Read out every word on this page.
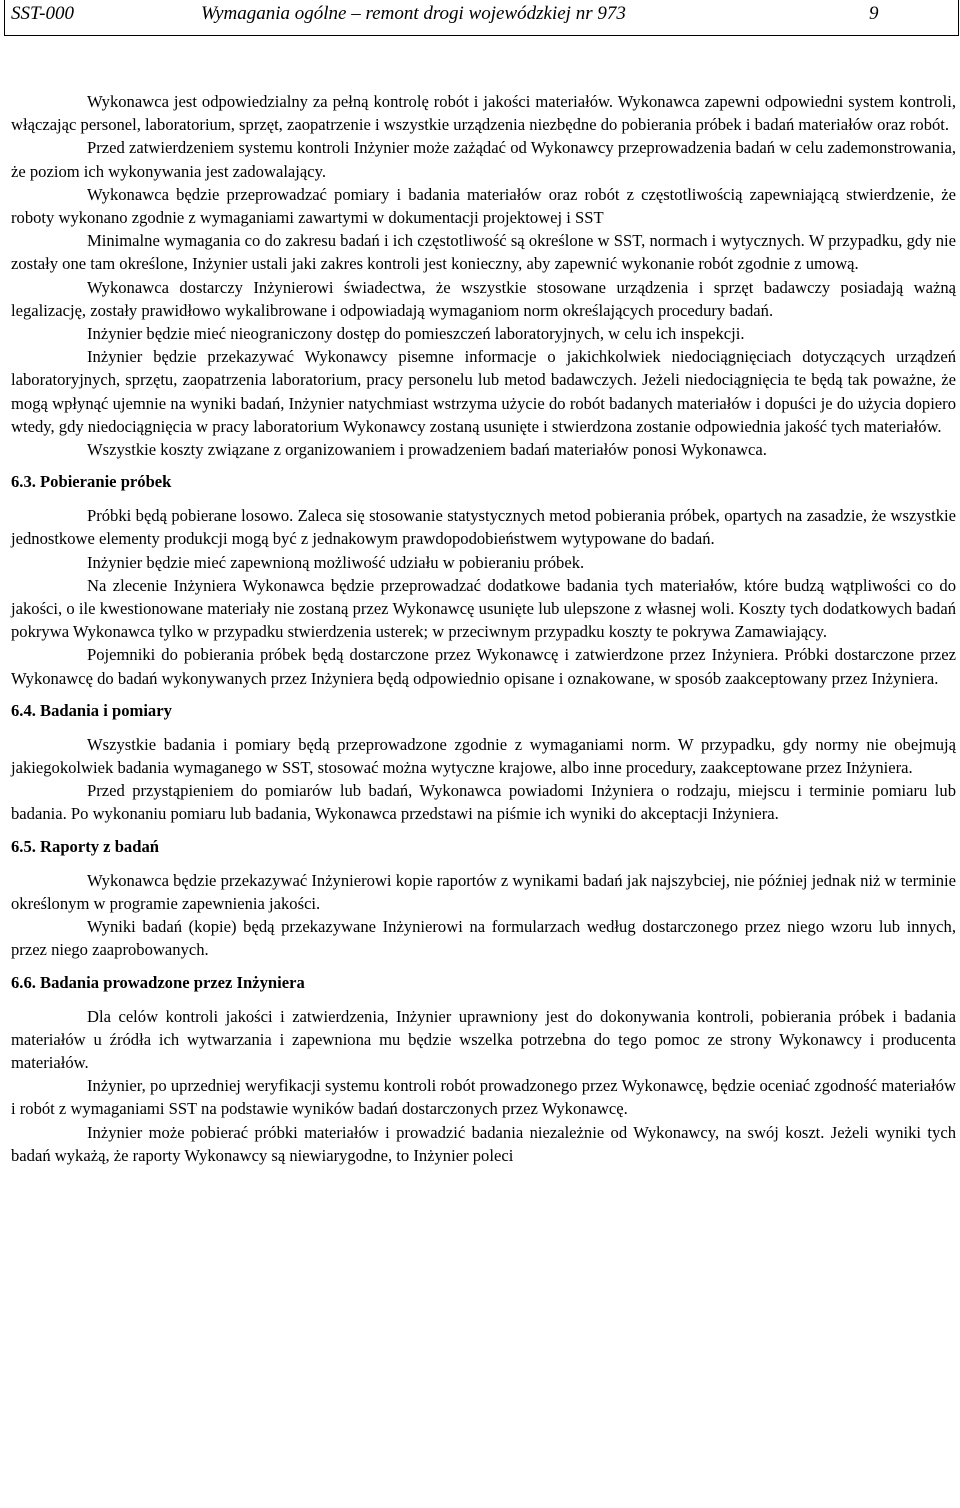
SST-000	Wymagania ogólne – remont drogi wojewódzkiej nr 973	9

Wykonawca jest odpowiedzialny za pełną kontrolę robót i jakości materiałów. Wykonawca zapewni odpowiedni system kontroli, włączając personel, laboratorium, sprzęt, zaopatrzenie i wszystkie urządzenia niezbędne do pobierania próbek i badań materiałów oraz robót.

Przed zatwierdzeniem systemu kontroli Inżynier może zażądać od Wykonawcy przeprowadzenia badań w celu zademonstrowania, że poziom ich wykonywania jest zadowalający.

Wykonawca będzie przeprowadzać pomiary i badania materiałów oraz robót z częstotliwością zapewniającą stwierdzenie, że roboty wykonano zgodnie z wymaganiami zawartymi w dokumentacji projektowej i SST

Minimalne wymagania co do zakresu badań i ich częstotliwość są określone w SST, normach i wytycznych. W przypadku, gdy nie zostały one tam określone, Inżynier ustali jaki zakres kontroli jest konieczny, aby zapewnić wykonanie robót zgodnie z umową.

Wykonawca dostarczy Inżynierowi świadectwa, że wszystkie stosowane urządzenia i sprzęt badawczy posiadają ważną legalizację, zostały prawidłowo wykalibrowane i odpowiadają wymaganiom norm określających procedury badań.

Inżynier będzie mieć nieograniczony dostęp do pomieszczeń laboratoryjnych, w celu ich inspekcji.

Inżynier będzie przekazywać Wykonawcy pisemne informacje o jakichkolwiek niedociągnięciach dotyczących urządzeń laboratoryjnych, sprzętu, zaopatrzenia laboratorium, pracy personelu lub metod badawczych. Jeżeli niedociągnięcia te będą tak poważne, że mogą wpłynąć ujemnie na wyniki badań, Inżynier natychmiast wstrzyma użycie do robót badanych materiałów i dopuści je do użycia dopiero wtedy, gdy niedociągnięcia w pracy laboratorium Wykonawcy zostaną usunięte i stwierdzona zostanie odpowiednia jakość tych materiałów.

Wszystkie koszty związane z organizowaniem i prowadzeniem badań materiałów ponosi Wykonawca.

6.3. Pobieranie próbek

Próbki będą pobierane losowo. Zaleca się stosowanie statystycznych metod pobierania próbek, opartych na zasadzie, że wszystkie jednostkowe elementy produkcji mogą być z jednakowym prawdopodobieństwem wytypowane do badań.

Inżynier będzie mieć zapewnioną możliwość udziału w pobieraniu próbek.

Na zlecenie Inżyniera Wykonawca będzie przeprowadzać dodatkowe badania tych materiałów, które budzą wątpliwości co do jakości, o ile kwestionowane materiały nie zostaną przez Wykonawcę usunięte lub ulepszone z własnej woli. Koszty tych dodatkowych badań pokrywa Wykonawca tylko w przypadku stwierdzenia usterek; w przeciwnym przypadku koszty te pokrywa Zamawiający.

Pojemniki do pobierania próbek będą dostarczone przez Wykonawcę i zatwierdzone przez Inżyniera. Próbki dostarczone przez Wykonawcę do badań wykonywanych przez Inżyniera będą odpowiednio opisane i oznakowane, w sposób zaakceptowany przez Inżyniera.

6.4. Badania i pomiary

Wszystkie badania i pomiary będą przeprowadzone zgodnie z wymaganiami norm. W przypadku, gdy normy nie obejmują jakiegokolwiek badania wymaganego w SST, stosować można wytyczne krajowe, albo inne procedury, zaakceptowane przez Inżyniera.

Przed przystąpieniem do pomiarów lub badań, Wykonawca powiadomi Inżyniera o rodzaju, miejscu i terminie pomiaru lub badania. Po wykonaniu pomiaru lub badania, Wykonawca przedstawi na piśmie ich wyniki do akceptacji Inżyniera.

6.5. Raporty z badań

Wykonawca będzie przekazywać Inżynierowi kopie raportów z wynikami badań jak najszybciej, nie później jednak niż w terminie określonym w programie zapewnienia jakości.

Wyniki badań (kopie) będą przekazywane Inżynierowi na formularzach według dostarczonego przez niego wzoru lub innych, przez niego zaaprobowanych.

6.6. Badania prowadzone przez Inżyniera

Dla celów kontroli jakości i zatwierdzenia, Inżynier uprawniony jest do dokonywania kontroli, pobierania próbek i badania materiałów u źródła ich wytwarzania i zapewniona mu będzie wszelka potrzebna do tego pomoc ze strony Wykonawcy i producenta materiałów.

Inżynier, po uprzedniej weryfikacji systemu kontroli robót prowadzonego przez Wykonawcę, będzie oceniać zgodność materiałów i robót z wymaganiami SST na podstawie wyników badań dostarczonych przez Wykonawcę.

Inżynier może pobierać próbki materiałów i prowadzić badania niezależnie od Wykonawcy, na swój koszt. Jeżeli wyniki tych badań wykażą, że raporty Wykonawcy są niewiarygodne, to Inżynier poleci
